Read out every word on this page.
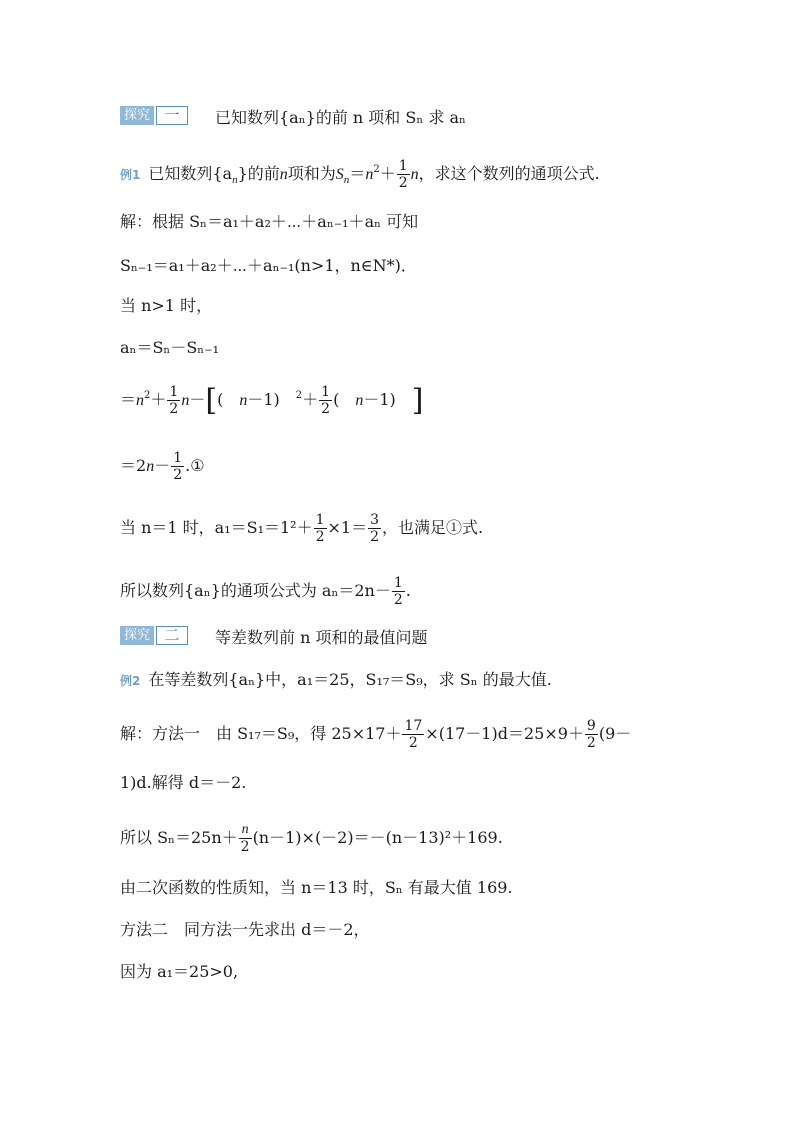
探究 一	已知数列{aₙ}的前 n 项和 Sₙ 求 aₙ
例1 已知数列$\{a_n\}$的前n项和为$S_n=n^2+ \frac{1}{2}$ n，求这个数列的通项公式.
解：根据 Sₙ＝a₁＋a₂＋⋯＋aₙ₋₁＋aₙ 可知
Sₙ₋₁＝a₁＋a₂＋⋯＋aₙ₋₁(n>1，n∈N*)．
当 n>1 时，
aₙ＝Sₙ－Sₙ₋₁
$=n^2+ \frac{1}{2} n-$[(　n－1)　$^2+ \frac{1}{2}$ (　n－1)　]
$=2n- \frac{1}{2}$ .①
当 n＝1 时，$a_1=S_1=1^2+ \frac{1}{2} \times 1= \frac{3}{2}$ ，也满足①式.
所以数列{aₙ}的通项公式为 $a_n=2n- \frac{1}{2}$ .
探究 二	等差数列前 n 项和的最值问题
例2 在等差数列{aₙ}中，a₁＝25，S₁₇＝S₉，求 Sₙ 的最大值.
解：方法一　由 S₁₇＝S₉，得 $25\times 17+ \frac{17}{2} \times(17-1)d=25\times 9+ \frac{9}{2} (9-$
1)d.解得 d＝－2.
所以 $S_n=25n+ \frac{n}{2} (n-1)\times(-2)=-(n-13)^2+169$.
由二次函数的性质知，当 n＝13 时，Sₙ 有最大值 169.
方法二　同方法一先求出 d＝－2，
因为 a₁＝25>0,
